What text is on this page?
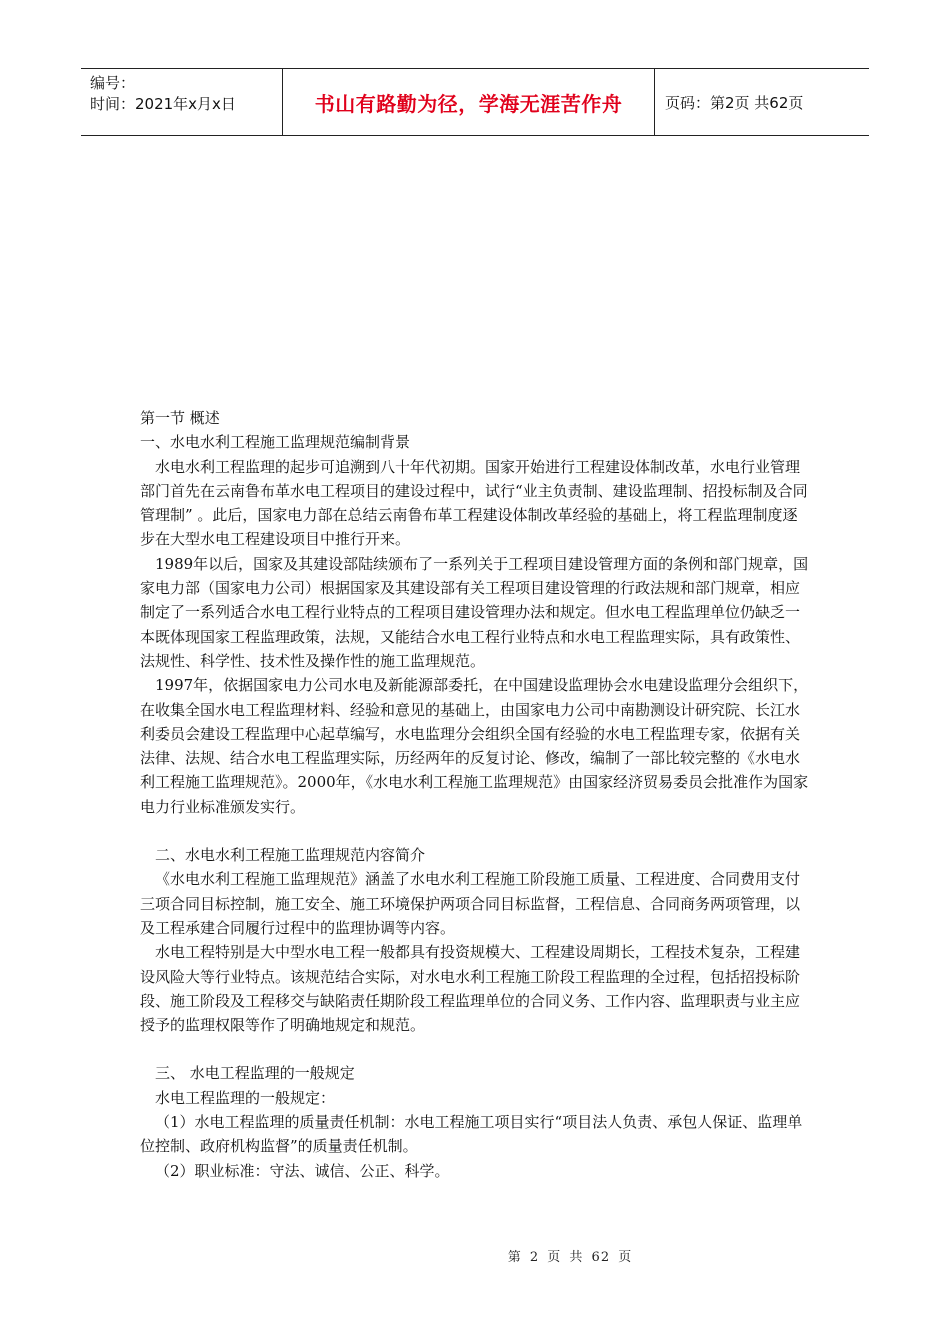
编号：
时间：2021年x月x日	书山有路勤为径，学海无涯苦作舟	页码：第2页 共62页

第一节 概述

一、水电水利工程施工监理规范编制背景

水电水利工程监理的起步可追溯到八十年代初期。国家开始进行工程建设体制改革，水电行业管理部门首先在云南鲁布革水电工程项目的建设过程中，试行“业主负责制、建设监理制、招投标制及合同管理制” 。此后，国家电力部在总结云南鲁布革工程建设体制改革经验的基础上，将工程监理制度逐步在大型水电工程建设项目中推行开来。

1989年以后，国家及其建设部陆续颁布了一系列关于工程项目建设管理方面的条例和部门规章，国家电力部（国家电力公司）根据国家及其建设部有关工程项目建设管理的行政法规和部门规章，相应制定了一系列适合水电工程行业特点的工程项目建设管理办法和规定。但水电工程监理单位仍缺乏一本既体现国家工程监理政策，法规，又能结合水电工程行业特点和水电工程监理实际，具有政策性、法规性、科学性、技术性及操作性的施工监理规范。

1997年，依据国家电力公司水电及新能源部委托，在中国建设监理协会水电建设监理分会组织下，在收集全国水电工程监理材料、经验和意见的基础上，由国家电力公司中南勘测设计研究院、长江水利委员会建设工程监理中心起草编写，水电监理分会组织全国有经验的水电工程监理专家，依据有关法律、法规、结合水电工程监理实际，历经两年的反复讨论、修改，编制了一部比较完整的《水电水利工程施工监理规范》。2000年，《水电水利工程施工监理规范》由国家经济贸易委员会批准作为国家电力行业标准颁发实行。

二、水电水利工程施工监理规范内容简介

《水电水利工程施工监理规范》涵盖了水电水利工程施工阶段施工质量、工程进度、合同费用支付三项合同目标控制，施工安全、施工环境保护两项合同目标监督，工程信息、合同商务两项管理，以及工程承建合同履行过程中的监理协调等内容。

水电工程特别是大中型水电工程一般都具有投资规模大、工程建设周期长，工程技术复杂，工程建设风险大等行业特点。该规范结合实际，对水电水利工程施工阶段工程监理的全过程，包括招投标阶段、施工阶段及工程移交与缺陷责任期阶段工程监理单位的合同义务、工作内容、监理职责与业主应授予的监理权限等作了明确地规定和规范。

三、 水电工程监理的一般规定

水电工程监理的一般规定：

（1）水电工程监理的质量责任机制：水电工程施工项目实行“项目法人负责、承包人保证、监理单位控制、政府机构监督”的质量责任机制。

（2）职业标准：守法、诚信、公正、科学。

第 2 页 共 62 页
